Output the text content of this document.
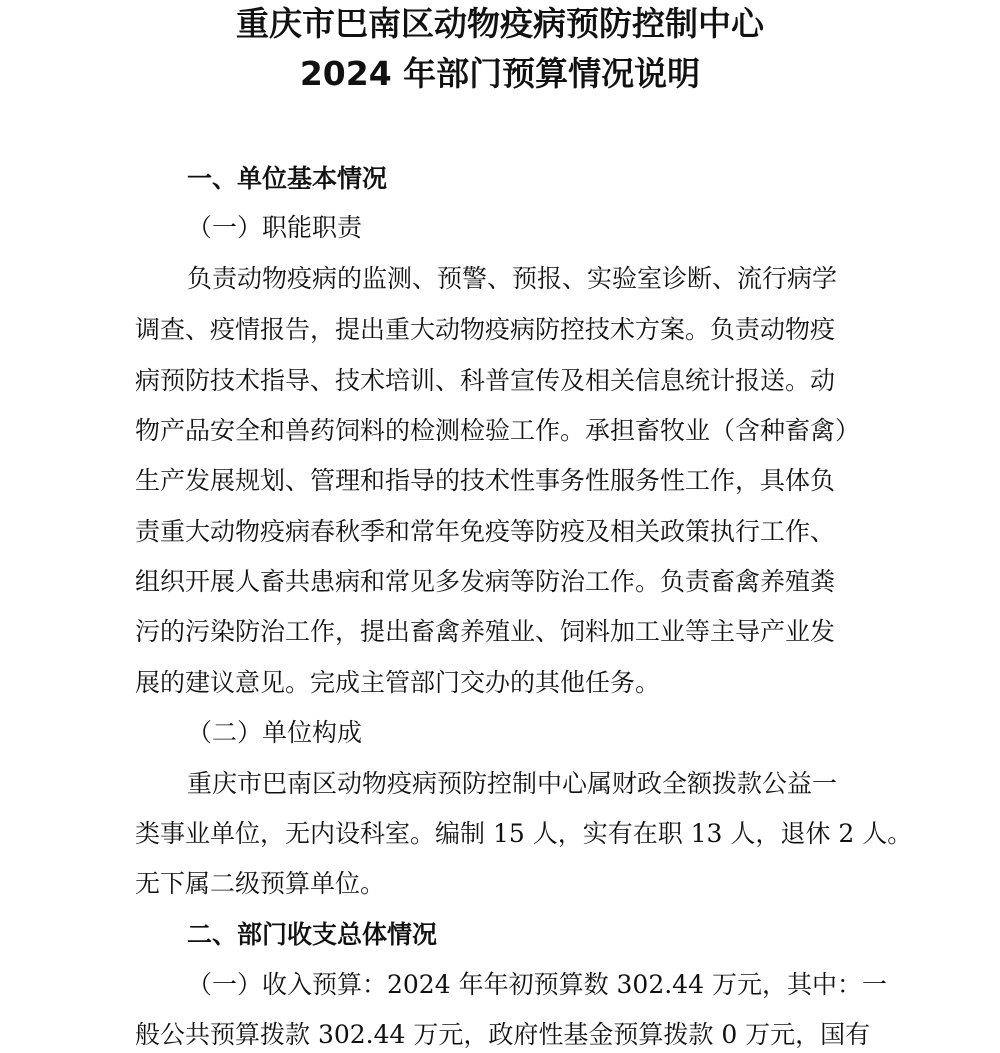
重庆市巴南区动物疫病预防控制中心
2024 年部门预算情况说明
一、单位基本情况
（一）职能职责
负责动物疫病的监测、预警、预报、实验室诊断、流行病学
调查、疫情报告，提出重大动物疫病防控技术方案。负责动物疫
病预防技术指导、技术培训、科普宣传及相关信息统计报送。动
物产品安全和兽药饲料的检测检验工作。承担畜牧业（含种畜禽）
生产发展规划、管理和指导的技术性事务性服务性工作，具体负
责重大动物疫病春秋季和常年免疫等防疫及相关政策执行工作、
组织开展人畜共患病和常见多发病等防治工作。负责畜禽养殖粪
污的污染防治工作，提出畜禽养殖业、饲料加工业等主导产业发
展的建议意见。完成主管部门交办的其他任务。
（二）单位构成
重庆市巴南区动物疫病预防控制中心属财政全额拨款公益一
类事业单位，无内设科室。编制 15 人，实有在职 13 人，退休 2 人。
无下属二级预算单位。
二、部门收支总体情况
（一）收入预算：2024 年年初预算数 302.44 万元，其中：一
般公共预算拨款 302.44 万元，政府性基金预算拨款 0 万元，国有
